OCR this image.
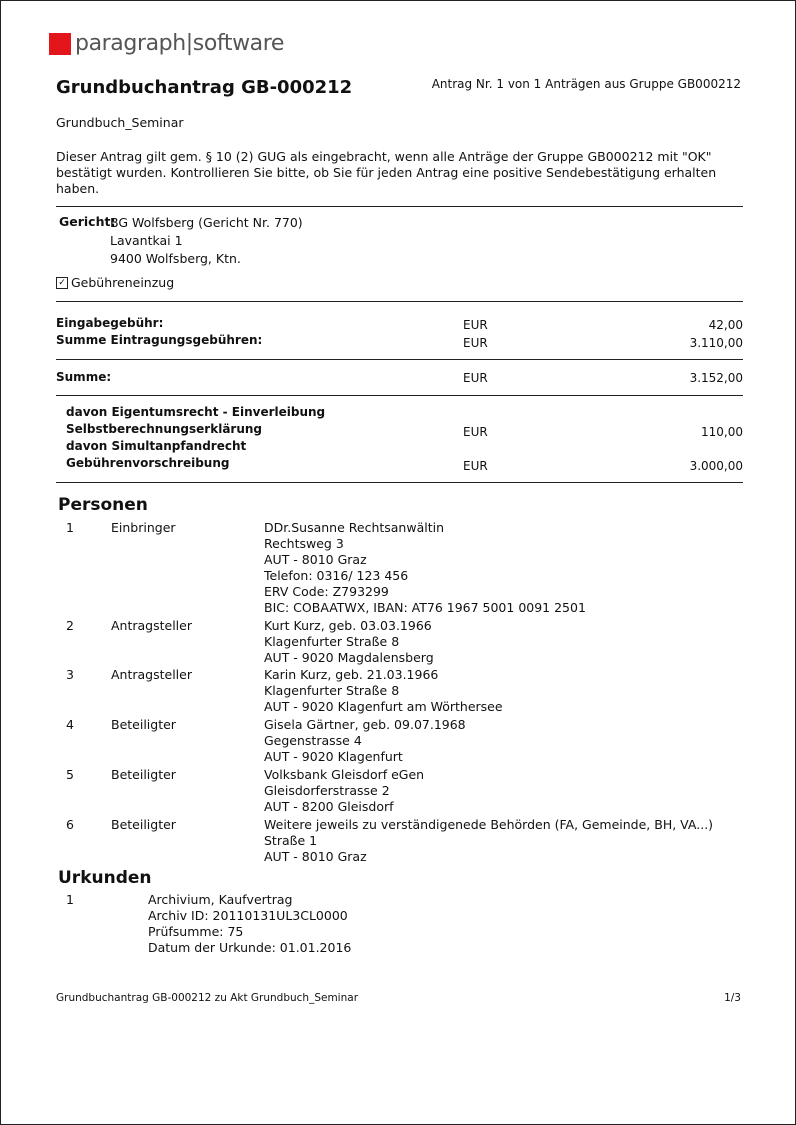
paragraph|software
Grundbuchantrag GB-000212	Antrag Nr. 1 von 1 Anträgen aus Gruppe GB000212
Grundbuch_Seminar
Dieser Antrag gilt gem. § 10 (2) GUG als eingebracht, wenn alle Anträge der Gruppe GB000212 mit "OK" bestätigt wurden. Kontrollieren Sie bitte, ob Sie für jeden Antrag eine positive Sendebestätigung erhalten haben.
Gericht:
BG Wolfsberg (Gericht Nr. 770)
Lavantkai 1
9400 Wolfsberg, Ktn.
✓ Gebühreneinzug
Eingabegebühr:	EUR	42,00
Summe Eintragungsgebühren:	EUR	3.110,00
Summe:	EUR	3.152,00
davon Eigentumsrecht - Einverleibung
Selbstberechnungserklärung	EUR	110,00
davon Simultanpfandrecht
Gebührenvorschreibung	EUR	3.000,00
Personen
1	Einbringer	DDr.Susanne Rechtsanwältin
Rechtsweg 3
AUT - 8010 Graz
Telefon: 0316/ 123 456
ERV Code: Z793299
BIC: COBAATWX, IBAN: AT76 1967 5001 0091 2501
2	Antragsteller	Kurt Kurz, geb. 03.03.1966
Klagenfurter Straße 8
AUT - 9020 Magdalensberg
3	Antragsteller	Karin Kurz, geb. 21.03.1966
Klagenfurter Straße 8
AUT - 9020 Klagenfurt am Wörthersee
4	Beteiligter	Gisela Gärtner, geb. 09.07.1968
Gegenstrasse 4
AUT - 9020 Klagenfurt
5	Beteiligter	Volksbank Gleisdorf eGen
Gleisdorferstrasse 2
AUT - 8200 Gleisdorf
6	Beteiligter	Weitere jeweils zu verständigenede Behörden (FA, Gemeinde, BH, VA...)
Straße 1
AUT - 8010 Graz
Urkunden
1	Archivium, Kaufvertrag
Archiv ID: 20110131UL3CL0000
Prüfsumme: 75
Datum der Urkunde: 01.01.2016
Grundbuchantrag GB-000212 zu Akt Grundbuch_Seminar	1/3
